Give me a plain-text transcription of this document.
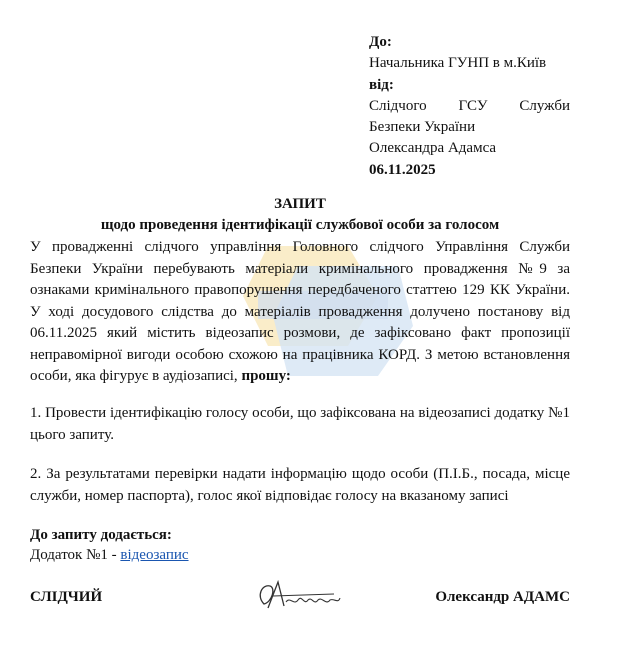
До:
Начальника ГУНП в м.Київ
від:
Слідчого ГСУ Служби
Безпеки України
Олександра Адамса
06.11.2025
ЗАПИТ
щодо проведення ідентифікації службової особи за голосом
У провадженні слідчого управління Головного слідчого Управління Служби Безпеки України перебувають матеріали кримінального провадження №9 за ознаками кримінального правопорушення передбаченого статтею 129 КК України. У ході досудового слідства до матеріалів провадження долучено постанову від 06.11.2025 який містить відеозапис розмови, де зафіксовано факт пропозиції неправомірної вигоди особою схожою на працівника КОРД. З метою встановлення особи, яка фігурує в аудіозаписі, прошу:
1. Провести ідентифікацію голосу особи, що зафіксована на відеозаписі додатку №1 цього запиту.
2. За результатами перевірки надати інформацію щодо особи (П.І.Б., посада, місце служби, номер паспорта), голос якої відповідає голосу на вказаному записі
До запиту додається:
Додаток №1 - відеозапис
СЛІДЧИЙ	Олександр АДАМС
